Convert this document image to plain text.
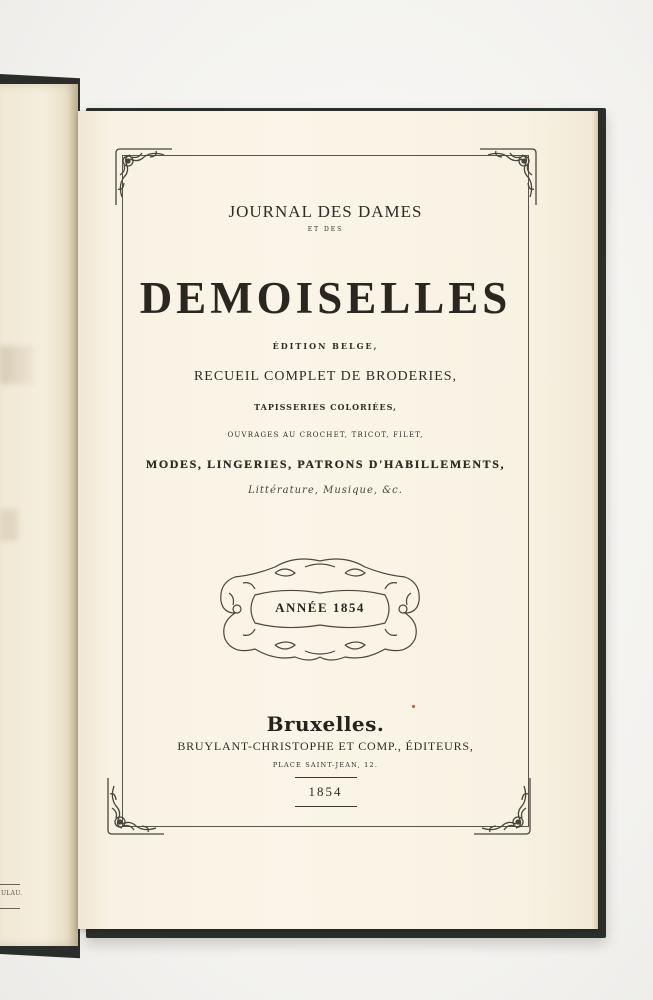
ULAU.
JOURNAL DES DAMES
ET DES
DEMOISELLES
ÉDITION BELGE,
RECUEIL COMPLET DE BRODERIES,
TAPISSERIES COLORIÉES,
OUVRAGES AU CROCHET, TRICOT, FILET,
MODES, LINGERIES, PATRONS D'HABILLEMENTS,
Littérature, Musique, &c.
ANNÉE 1854
Bruxelles.
BRUYLANT-CHRISTOPHE ET COMP., ÉDITEURS,
PLACE SAINT-JEAN, 12.
1854
